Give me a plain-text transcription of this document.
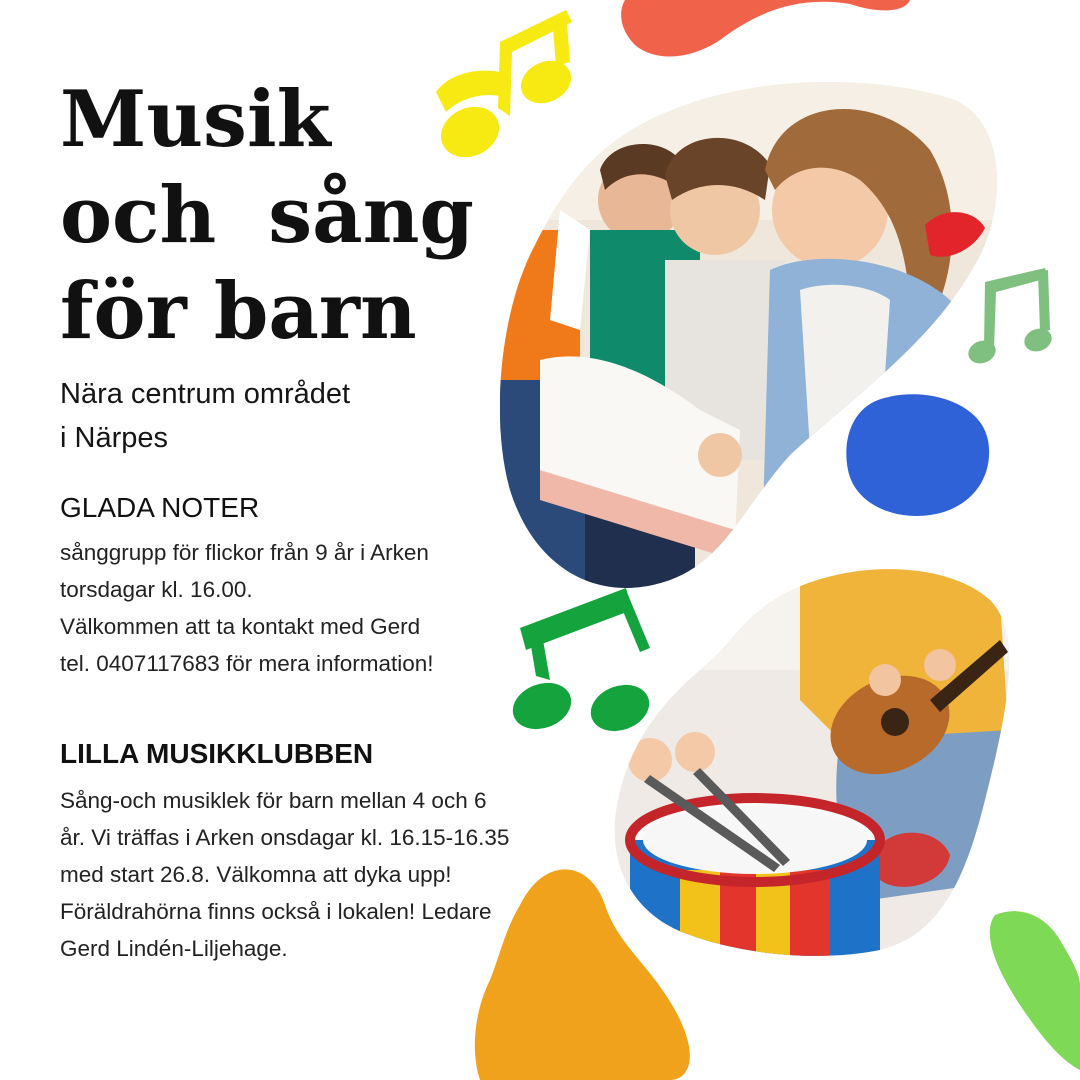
Musik
och sång
för barn
Nära centrum området
i Närpes
GLADA NOTER
sånggrupp för flickor från 9 år i Arken
torsdagar kl. 16.00.
Välkommen att ta kontakt med Gerd
tel. 0407117683 för mera information!
LILLA MUSIKKLUBBEN
Sång-och musiklek för barn mellan 4 och 6
år. Vi träffas i Arken onsdagar kl. 16.15-16.35
med start 26.8. Välkomna att dyka upp!
Föräldrahörna finns också i lokalen! Ledare
Gerd Lindén-Liljehage.
